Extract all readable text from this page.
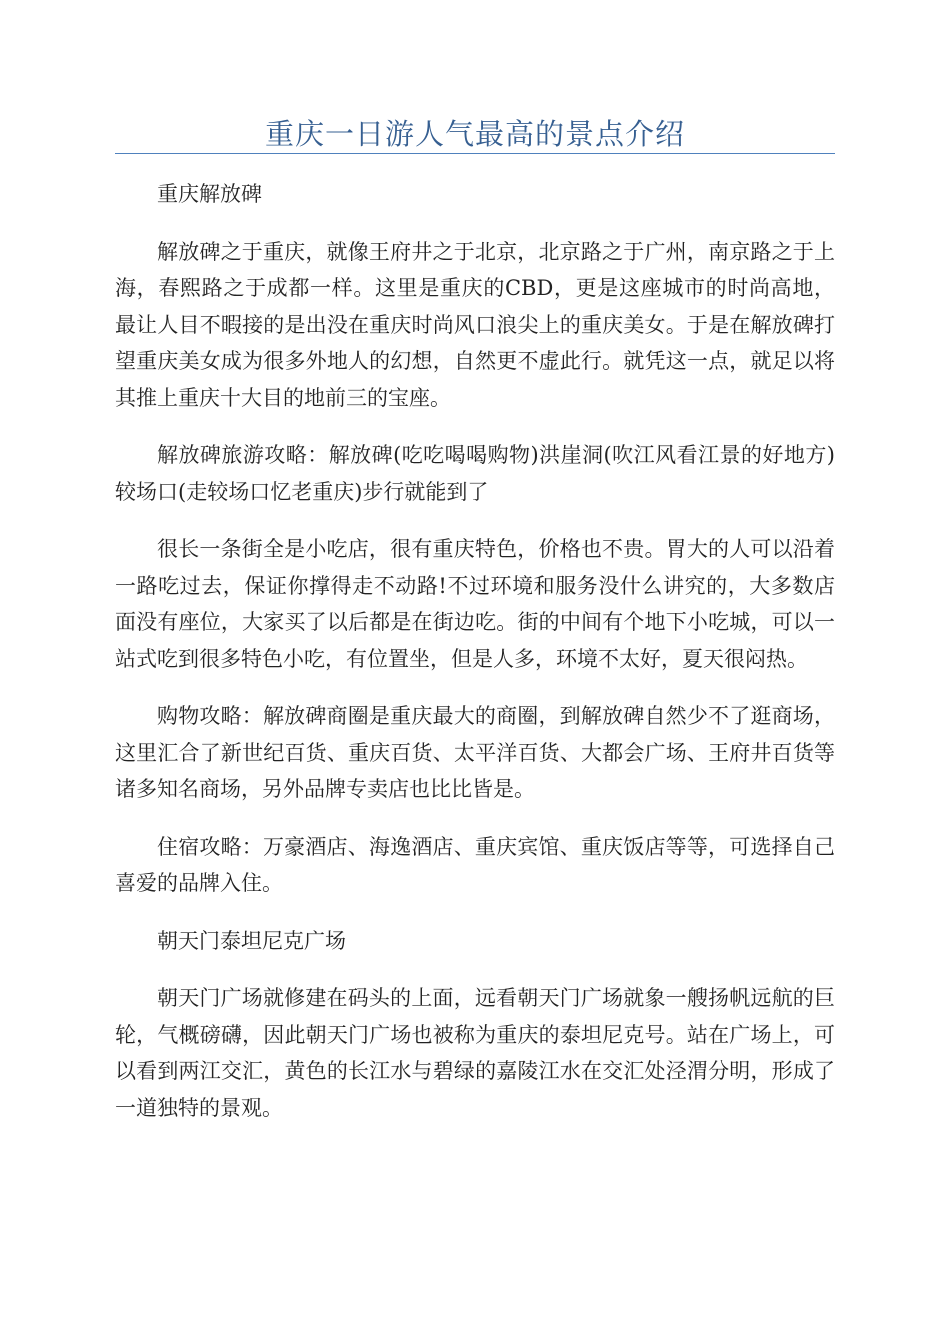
重庆一日游人气最高的景点介绍

重庆解放碑

解放碑之于重庆，就像王府井之于北京，北京路之于广州，南京路之于上海，春熙路之于成都一样。这里是重庆的CBD，更是这座城市的时尚高地，最让人目不暇接的是出没在重庆时尚风口浪尖上的重庆美女。于是在解放碑打望重庆美女成为很多外地人的幻想，自然更不虚此行。就凭这一点，就足以将其推上重庆十大目的地前三的宝座。

解放碑旅游攻略：解放碑(吃吃喝喝购物)洪崖洞(吹江风看江景的好地方)较场口(走较场口忆老重庆)步行就能到了

很长一条街全是小吃店，很有重庆特色，价格也不贵。胃大的人可以沿着一路吃过去，保证你撑得走不动路!不过环境和服务没什么讲究的，大多数店面没有座位，大家买了以后都是在街边吃。街的中间有个地下小吃城，可以一站式吃到很多特色小吃，有位置坐，但是人多，环境不太好，夏天很闷热。

购物攻略：解放碑商圈是重庆最大的商圈，到解放碑自然少不了逛商场，这里汇合了新世纪百货、重庆百货、太平洋百货、大都会广场、王府井百货等诸多知名商场，另外品牌专卖店也比比皆是。

住宿攻略：万豪酒店、海逸酒店、重庆宾馆、重庆饭店等等，可选择自己喜爱的品牌入住。

朝天门泰坦尼克广场

朝天门广场就修建在码头的上面，远看朝天门广场就象一艘扬帆远航的巨轮，气概磅礴，因此朝天门广场也被称为重庆的泰坦尼克号。站在广场上，可以看到两江交汇，黄色的长江水与碧绿的嘉陵江水在交汇处泾渭分明，形成了一道独特的景观。
